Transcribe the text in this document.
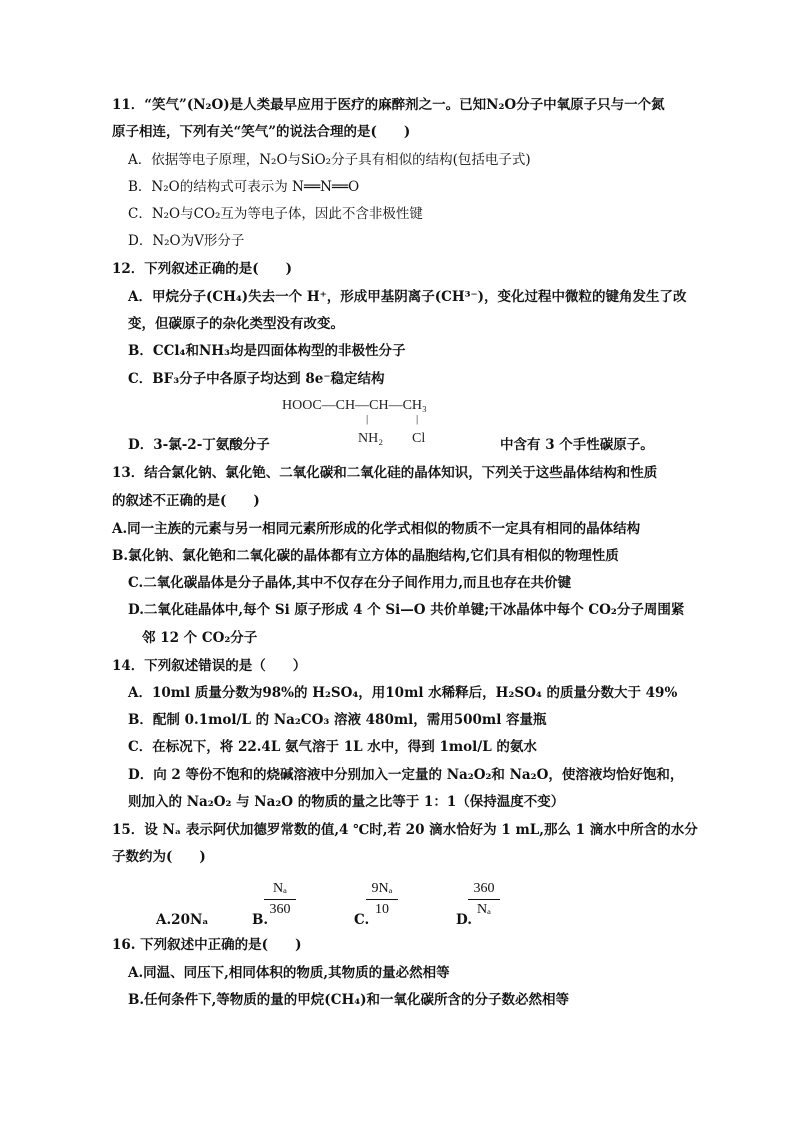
11．“笑气”(N₂O)是人类最早应用于医疗的麻醉剂之一。已知N₂O分子中氧原子只与一个氮
原子相连，下列有关“笑气”的说法合理的是(　　)
A．依据等电子原理，N₂O与SiO₂分子具有相似的结构(包括电子式)
B．N₂O的结构式可表示为 N══N══O
C．N₂O与CO₂互为等电子体，因此不含非极性键
D．N₂O为V形分子
12．下列叙述正确的是(　　)
A．甲烷分子(CH₄)失去一个 H⁺，形成甲基阴离子(CH³⁻)，变化过程中微粒的键角发生了改
变，但碳原子的杂化类型没有改变。
B．CCl₄和NH₃均是四面体构型的非极性分子
C．BF₃分子中各原子均达到 8e⁻稳定结构
HOOC—CH—CH—CH₃
|	|
NH₂ Cl
D．3-氯-2-丁氨酸分子	中含有 3 个手性碳原子。
13．结合氯化钠、氯化铯、二氧化碳和二氧化硅的晶体知识，下列关于这些晶体结构和性质
的叙述不正确的是(　　)
A.同一主族的元素与另一相同元素所形成的化学式相似的物质不一定具有相同的晶体结构
B.氯化钠、氯化铯和二氧化碳的晶体都有立方体的晶胞结构,它们具有相似的物理性质
C.二氧化碳晶体是分子晶体,其中不仅存在分子间作用力,而且也存在共价键
D.二氧化硅晶体中,每个 Si 原子形成 4 个 Si—O 共价单键;干冰晶体中每个 CO₂分子周围紧
邻 12 个 CO₂分子
14．下列叙述错误的是（　　）
A．10ml 质量分数为98%的 H₂SO₄，用10ml 水稀释后，H₂SO₄ 的质量分数大于 49%
B．配制 0.1mol/L 的 Na₂CO₃ 溶液 480ml，需用500ml 容量瓶
C．在标况下，将 22.4L 氨气溶于 1L 水中，得到 1mol/L 的氨水
D．向 2 等份不饱和的烧碱溶液中分别加入一定量的 Na₂O₂和 Na₂O，使溶液均恰好饱和，
则加入的 Na₂O₂ 与 Na₂O 的物质的量之比等于 1：1（保持温度不变）
15．设 Nₐ 表示阿伏加德罗常数的值,4 ℃时,若 20 滴水恰好为 1 mL,那么 1 滴水中所含的水分
子数约为(　　)
A.20Nₐ	B.
Nₐ
360
C.
9Nₐ
10
D.
360
Nₐ
16. 下列叙述中正确的是(　　)
A.同温、同压下,相同体积的物质,其物质的量必然相等
B.任何条件下,等物质的量的甲烷(CH₄)和一氧化碳所含的分子数必然相等
